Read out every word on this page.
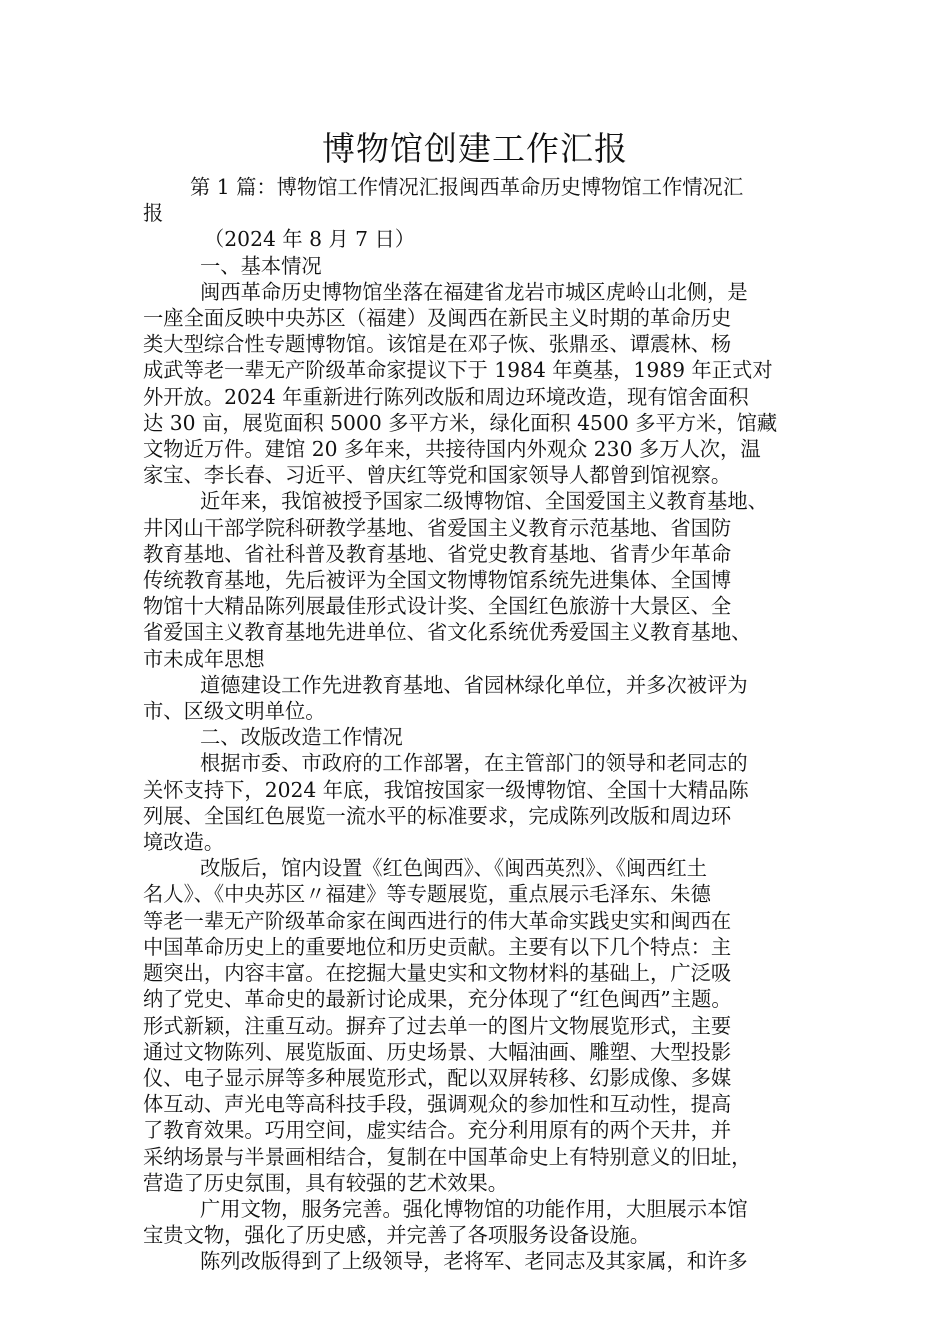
博物馆创建工作汇报
第 1 篇：博物馆工作情况汇报闽西革命历史博物馆工作情况汇
报
（2024 年 8 月 7 日）
一、基本情况
闽西革命历史博物馆坐落在福建省龙岩市城区虎岭山北侧，是
一座全面反映中央苏区（福建）及闽西在新民主义时期的革命历史
类大型综合性专题博物馆。该馆是在邓子恢、张鼎丞、谭震林、杨
成武等老一辈无产阶级革命家提议下于 1984 年奠基，1989 年正式对
外开放。2024 年重新进行陈列改版和周边环境改造，现有馆舍面积
达 30 亩，展览面积 5000 多平方米，绿化面积 4500 多平方米，馆藏
文物近万件。建馆 20 多年来，共接待国内外观众 230 多万人次，温
家宝、李长春、习近平、曾庆红等党和国家领导人都曾到馆视察。
近年来，我馆被授予国家二级博物馆、全国爱国主义教育基地、
井冈山干部学院科研教学基地、省爱国主义教育示范基地、省国防
教育基地、省社科普及教育基地、省党史教育基地、省青少年革命
传统教育基地，先后被评为全国文物博物馆系统先进集体、全国博
物馆十大精品陈列展最佳形式设计奖、全国红色旅游十大景区、全
省爱国主义教育基地先进单位、省文化系统优秀爱国主义教育基地、
市未成年思想
道德建设工作先进教育基地、省园林绿化单位，并多次被评为
市、区级文明单位。
二、改版改造工作情况
根据市委、市政府的工作部署，在主管部门的领导和老同志的
关怀支持下，2024 年底，我馆按国家一级博物馆、全国十大精品陈
列展、全国红色展览一流水平的标准要求，完成陈列改版和周边环
境改造。
改版后，馆内设置《红色闽西》、《闽西英烈》、《闽西红土
名人》、《中央苏区〃福建》等专题展览，重点展示毛泽东、朱德
等老一辈无产阶级革命家在闽西进行的伟大革命实践史实和闽西在
中国革命历史上的重要地位和历史贡献。主要有以下几个特点：主
题突出，内容丰富。在挖掘大量史实和文物材料的基础上，广泛吸
纳了党史、革命史的最新讨论成果，充分体现了“红色闽西”主题。
形式新颖，注重互动。摒弃了过去单一的图片文物展览形式，主要
通过文物陈列、展览版面、历史场景、大幅油画、雕塑、大型投影
仪、电子显示屏等多种展览形式，配以双屏转移、幻影成像、多媒
体互动、声光电等高科技手段，强调观众的参加性和互动性，提高
了教育效果。巧用空间，虚实结合。充分利用原有的两个天井，并
采纳场景与半景画相结合，复制在中国革命史上有特别意义的旧址，
营造了历史氛围，具有较强的艺术效果。
广用文物，服务完善。强化博物馆的功能作用，大胆展示本馆
宝贵文物，强化了历史感，并完善了各项服务设备设施。
陈列改版得到了上级领导，老将军、老同志及其家属，和许多
